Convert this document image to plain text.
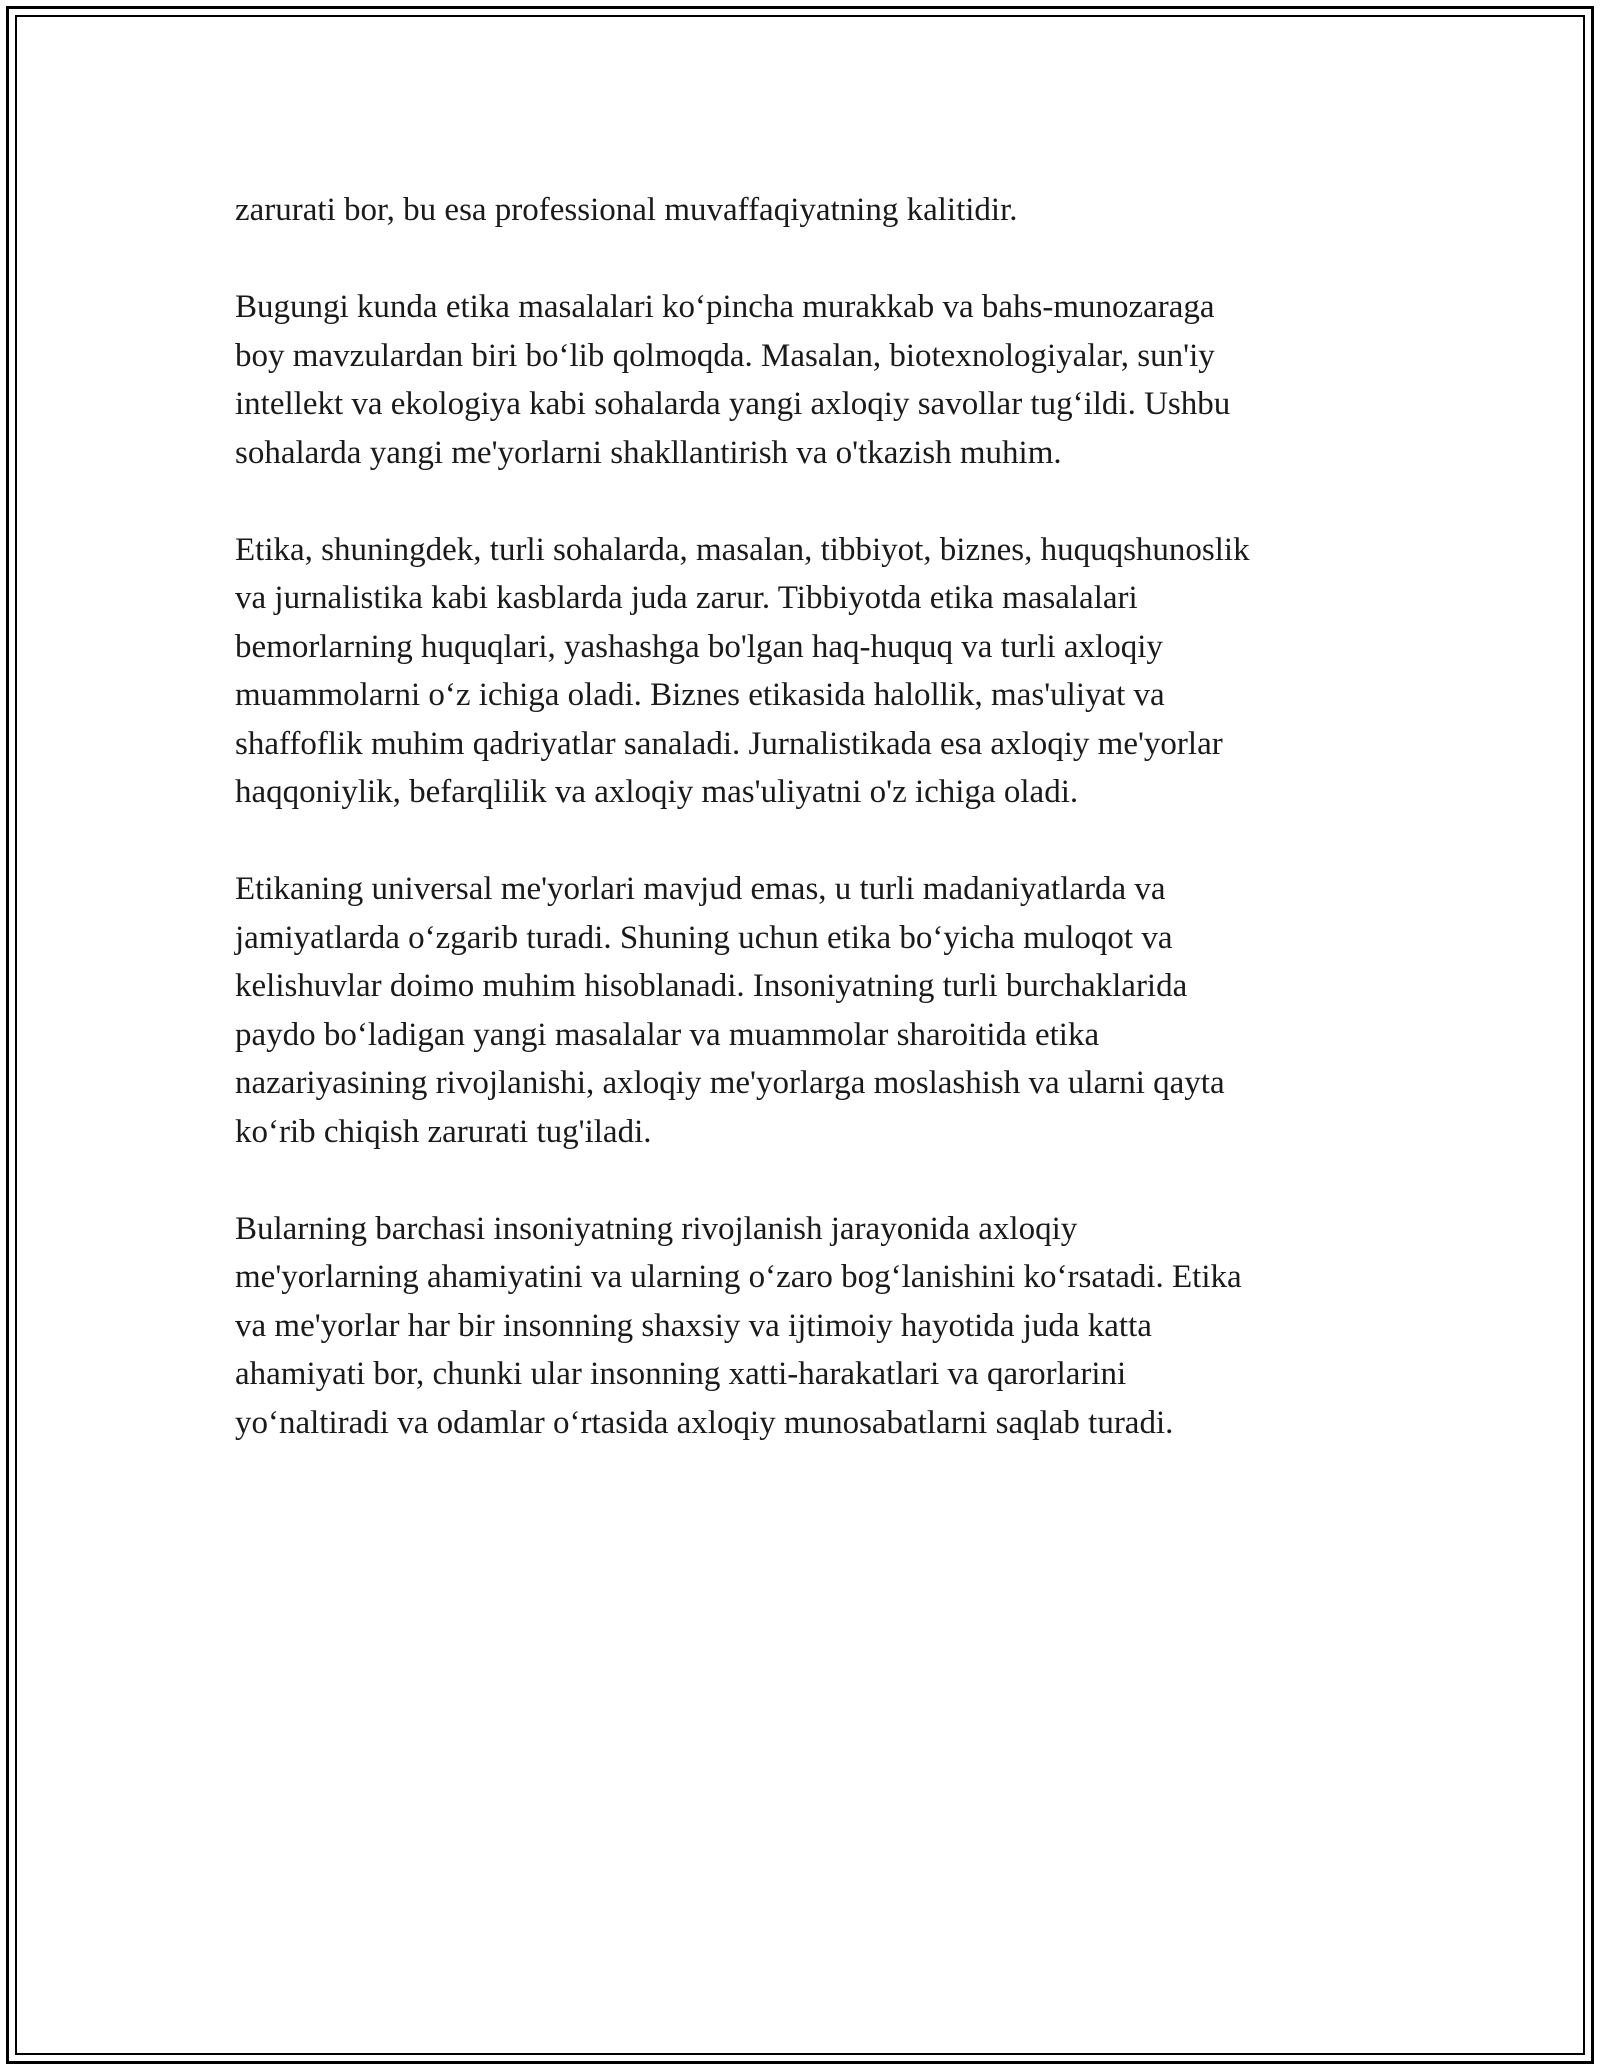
zarurati bor, bu esa professional muvaffaqiyatning kalitidir.

Bugungi kunda etika masalalari ko‘pincha murakkab va bahs-munozaraga
boy mavzulardan biri bo‘lib qolmoqda. Masalan, biotexnologiyalar, sun'iy
intellekt va ekologiya kabi sohalarda yangi axloqiy savollar tug‘ildi. Ushbu
sohalarda yangi me'yorlarni shakllantirish va o'tkazish muhim.

Etika, shuningdek, turli sohalarda, masalan, tibbiyot, biznes, huquqshunoslik
va jurnalistika kabi kasblarda juda zarur. Tibbiyotda etika masalalari
bemorlarning huquqlari, yashashga bo'lgan haq-huquq va turli axloqiy
muammolarni o‘z ichiga oladi. Biznes etikasida halollik, mas'uliyat va
shaffoflik muhim qadriyatlar sanaladi. Jurnalistikada esa axloqiy me'yorlar
haqqoniylik, befarqlilik va axloqiy mas'uliyatni o'z ichiga oladi.

Etikaning universal me'yorlari mavjud emas, u turli madaniyatlarda va
jamiyatlarda o‘zgarib turadi. Shuning uchun etika bo‘yicha muloqot va
kelishuvlar doimo muhim hisoblanadi. Insoniyatning turli burchaklarida
paydo bo‘ladigan yangi masalalar va muammolar sharoitida etika
nazariyasining rivojlanishi, axloqiy me'yorlarga moslashish va ularni qayta
ko‘rib chiqish zarurati tug'iladi.

Bularning barchasi insoniyatning rivojlanish jarayonida axloqiy
me'yorlarning ahamiyatini va ularning o‘zaro bog‘lanishini ko‘rsatadi. Etika
va me'yorlar har bir insonning shaxsiy va ijtimoiy hayotida juda katta
ahamiyati bor, chunki ular insonning xatti-harakatlari va qarorlarini
yo‘naltiradi va odamlar o‘rtasida axloqiy munosabatlarni saqlab turadi.
